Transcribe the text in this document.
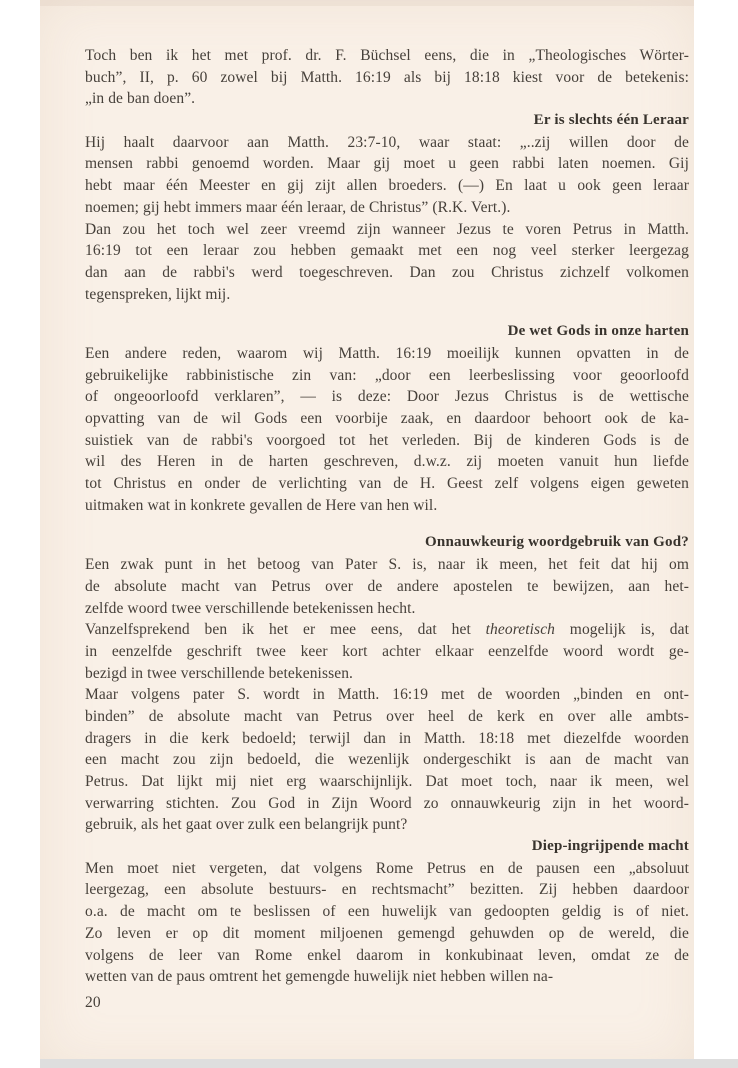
Toch ben ik het met prof. dr. F. Büchsel eens, die in „Theologisches Wörter-
buch”, II, p. 60 zowel bij Matth. 16:19 als bij 18:18 kiest voor de betekenis:
„in de ban doen”.
Er is slechts één Leraar
Hij haalt daarvoor aan Matth. 23:7-10, waar staat: „..zij willen door de
mensen rabbi genoemd worden. Maar gij moet u geen rabbi laten noemen. Gij
hebt maar één Meester en gij zijt allen broeders. (—) En laat u ook geen leraar
noemen; gij hebt immers maar één leraar, de Christus” (R.K. Vert.).
Dan zou het toch wel zeer vreemd zijn wanneer Jezus te voren Petrus in Matth.
16:19 tot een leraar zou hebben gemaakt met een nog veel sterker leergezag
dan aan de rabbi's werd toegeschreven. Dan zou Christus zichzelf volkomen
tegenspreken, lijkt mij.
De wet Gods in onze harten
Een andere reden, waarom wij Matth. 16:19 moeilijk kunnen opvatten in de
gebruikelijke rabbinistische zin van: „door een leerbeslissing voor geoorloofd
of ongeoorloofd verklaren”, — is deze: Door Jezus Christus is de wettische
opvatting van de wil Gods een voorbije zaak, en daardoor behoort ook de ka-
suistiek van de rabbi's voorgoed tot het verleden. Bij de kinderen Gods is de
wil des Heren in de harten geschreven, d.w.z. zij moeten vanuit hun liefde
tot Christus en onder de verlichting van de H. Geest zelf volgens eigen geweten
uitmaken wat in konkrete gevallen de Here van hen wil.
Onnauwkeurig woordgebruik van God?
Een zwak punt in het betoog van Pater S. is, naar ik meen, het feit dat hij om
de absolute macht van Petrus over de andere apostelen te bewijzen, aan het-
zelfde woord twee verschillende betekenissen hecht.
Vanzelfsprekend ben ik het er mee eens, dat het theoretisch mogelijk is, dat
in eenzelfde geschrift twee keer kort achter elkaar eenzelfde woord wordt ge-
bezigd in twee verschillende betekenissen.
Maar volgens pater S. wordt in Matth. 16:19 met de woorden „binden en ont-
binden” de absolute macht van Petrus over heel de kerk en over alle ambts-
dragers in die kerk bedoeld; terwijl dan in Matth. 18:18 met diezelfde woorden
een macht zou zijn bedoeld, die wezenlijk ondergeschikt is aan de macht van
Petrus. Dat lijkt mij niet erg waarschijnlijk. Dat moet toch, naar ik meen, wel
verwarring stichten. Zou God in Zijn Woord zo onnauwkeurig zijn in het woord-
gebruik, als het gaat over zulk een belangrijk punt?
Diep-ingrijpende macht
Men moet niet vergeten, dat volgens Rome Petrus en de pausen een „absoluut
leergezag, een absolute bestuurs- en rechtsmacht” bezitten. Zij hebben daardoor
o.a. de macht om te beslissen of een huwelijk van gedoopten geldig is of niet.
Zo leven er op dit moment miljoenen gemengd gehuwden op de wereld, die
volgens de leer van Rome enkel daarom in konkubinaat leven, omdat ze de
wetten van de paus omtrent het gemengde huwelijk niet hebben willen na-
20
